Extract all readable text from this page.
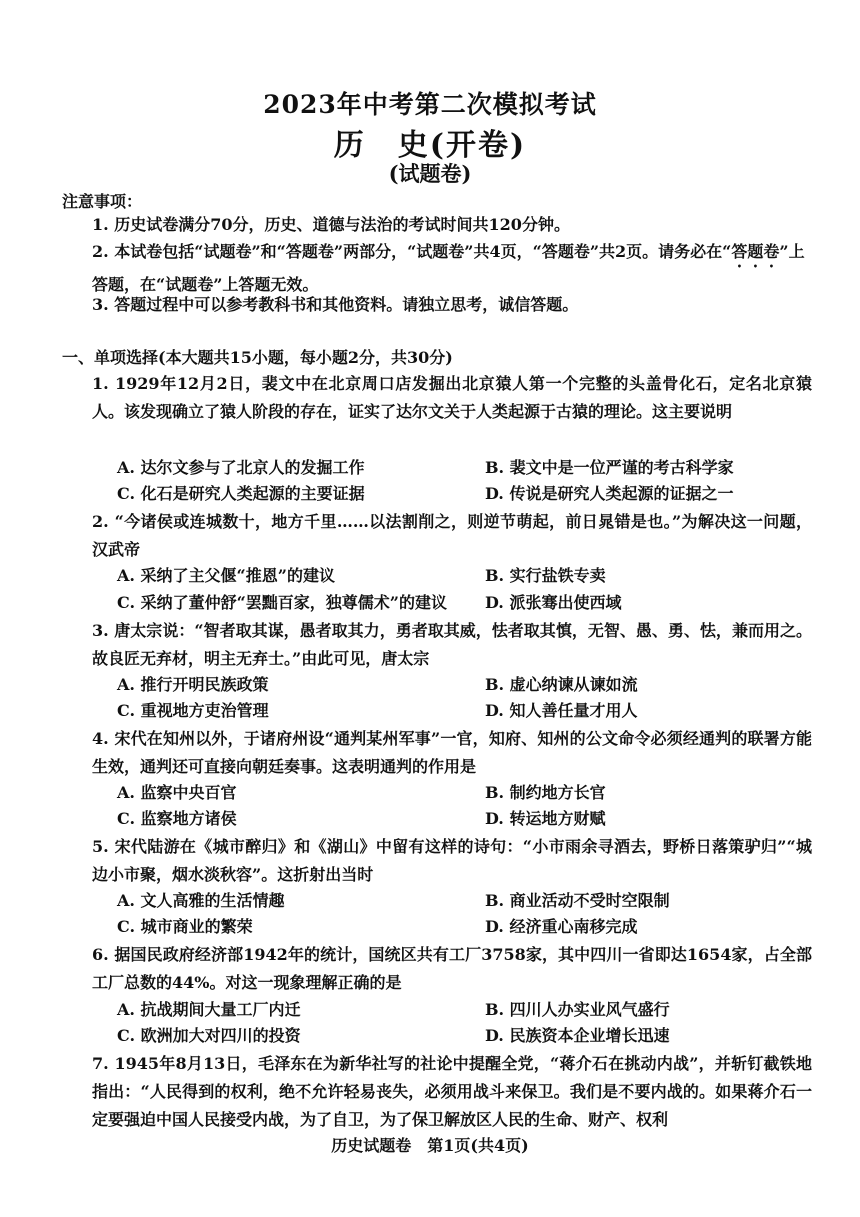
2023年中考第二次模拟考试
历　史(开卷)
(试题卷)
注意事项：
1. 历史试卷满分70分，历史、道德与法治的考试时间共120分钟。
2. 本试卷包括“试题卷”和“答题卷”两部分，“试题卷”共4页，“答题卷”共2页。请务必在“答题卷”上答题，在“试题卷”上答题无效。
3. 答题过程中可以参考教科书和其他资料。请独立思考，诚信答题。
一、单项选择(本大题共15小题，每小题2分，共30分)
1. 1929年12月2日，裴文中在北京周口店发掘出北京猿人第一个完整的头盖骨化石，定名北京猿人。该发现确立了猿人阶段的存在，证实了达尔文关于人类起源于古猿的理论。这主要说明
A. 达尔文参与了北京人的发掘工作	B. 裴文中是一位严谨的考古科学家
C. 化石是研究人类起源的主要证据	D. 传说是研究人类起源的证据之一
2. “今诸侯或连城数十，地方千里……以法割削之，则逆节萌起，前日晁错是也。”为解决这一问题，汉武帝
A. 采纳了主父偃“推恩”的建议	B. 实行盐铁专卖
C. 采纳了董仲舒“罢黜百家，独尊儒术”的建议 D. 派张骞出使西域
3. 唐太宗说：“智者取其谋，愚者取其力，勇者取其威，怯者取其慎，无智、愚、勇、怯，兼而用之。故良匠无弃材，明主无弃士。”由此可见，唐太宗
A. 推行开明民族政策	B. 虚心纳谏从谏如流
C. 重视地方吏治管理	D. 知人善任量才用人
4. 宋代在知州以外，于诸府州设“通判某州军事”一官，知府、知州的公文命令必须经通判的联署方能生效，通判还可直接向朝廷奏事。这表明通判的作用是
A. 监察中央百官	B. 制约地方长官
C. 监察地方诸侯	D. 转运地方财赋
5. 宋代陆游在《城市醉归》和《湖山》中留有这样的诗句：“小市雨余寻酒去，野桥日落策驴归”“城边小市聚，烟水淡秋容”。这折射出当时
A. 文人高雅的生活情趣	B. 商业活动不受时空限制
C. 城市商业的繁荣	D. 经济重心南移完成
6. 据国民政府经济部1942年的统计，国统区共有工厂3758家，其中四川一省即达1654家，占全部工厂总数的44%。对这一现象理解正确的是
A. 抗战期间大量工厂内迁	B. 四川人办实业风气盛行
C. 欧洲加大对四川的投资	D. 民族资本企业增长迅速
7. 1945年8月13日，毛泽东在为新华社写的社论中提醒全党，“蒋介石在挑动内战”，并斩钉截铁地指出：“人民得到的权利，绝不允许轻易丧失，必须用战斗来保卫。我们是不要内战的。如果蒋介石一定要强迫中国人民接受内战，为了自卫，为了保卫解放区人民的生命、财产、权利
历史试题卷　第1页(共4页)
